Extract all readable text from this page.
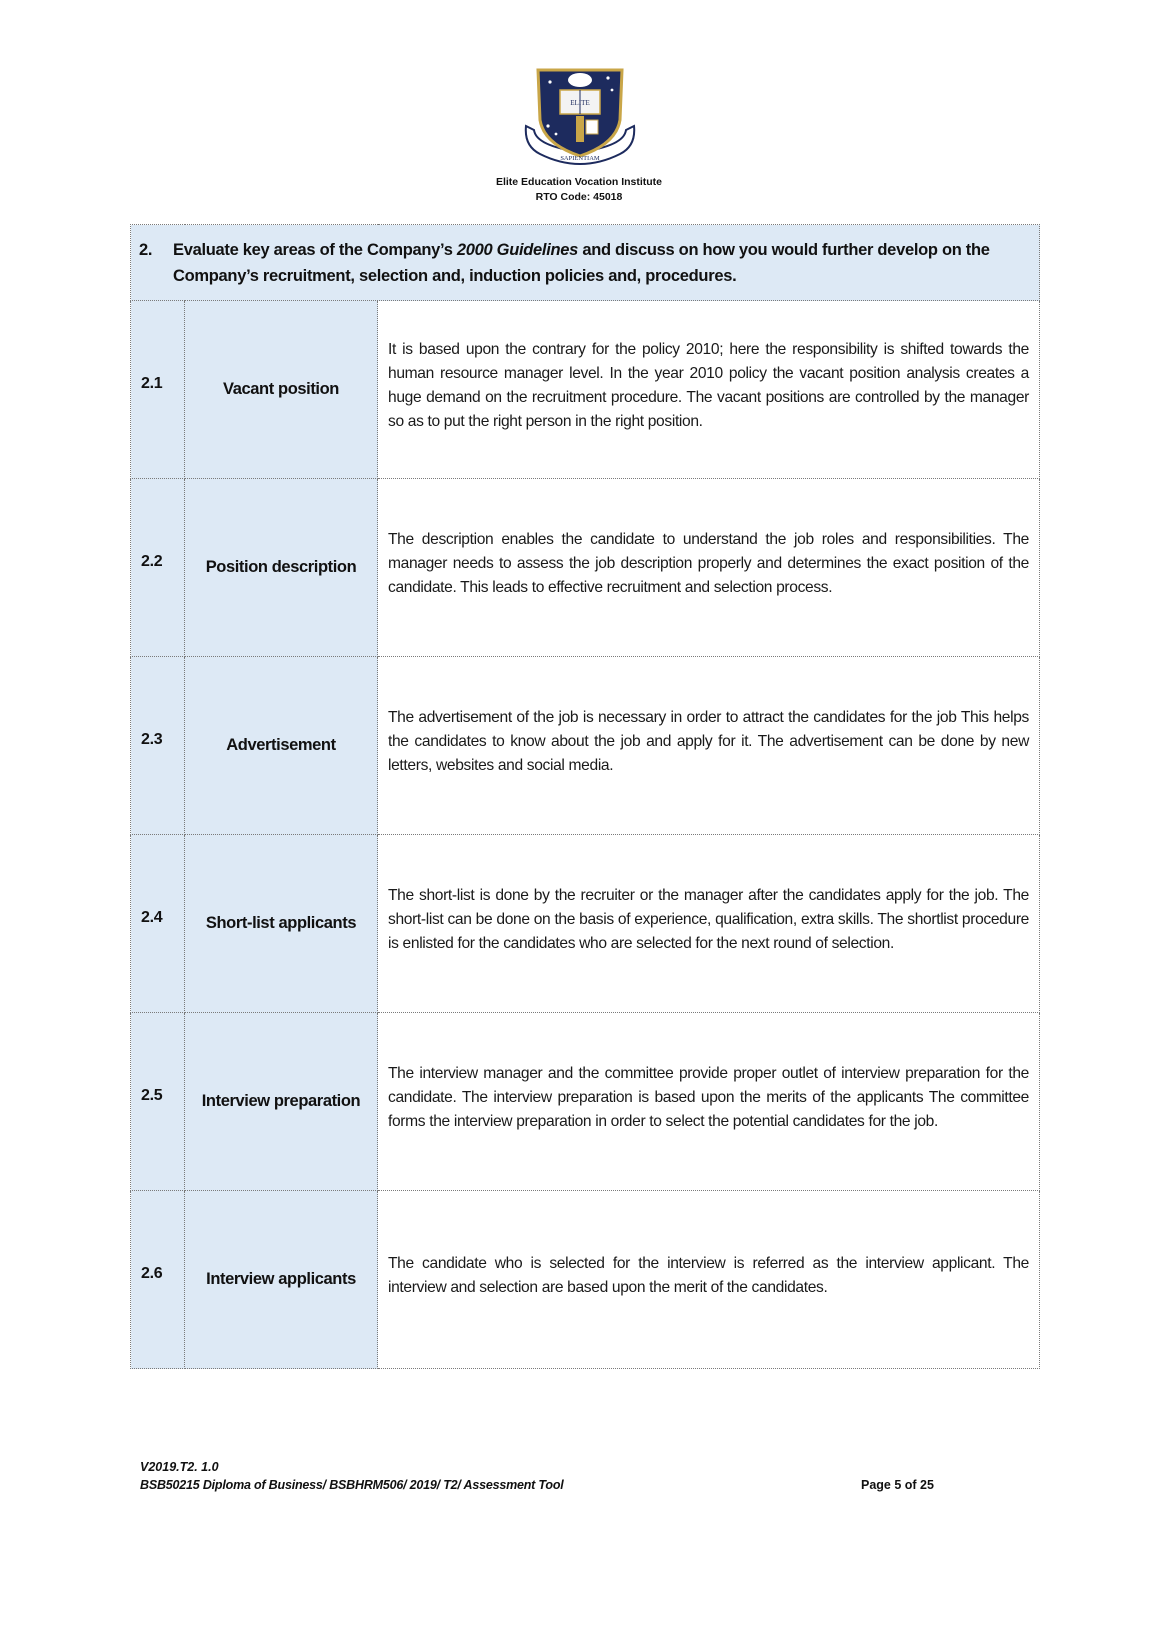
ELITE
SAPIENTIAM
Elite Education Vocation Institute
RTO Code: 45018
2. Evaluate key areas of the Company’s 2000 Guidelines and discuss on how you would further develop on the Company’s recruitment, selection and, induction policies and, procedures.		

2.1	Vacant position	It is based upon the contrary for the policy 2010; here the responsibility is shifted towards the human resource manager level. In the year 2010 policy the vacant position analysis creates a huge demand on the recruitment procedure. The vacant positions are controlled by the manager so as to put the right person in the right position.
2.2	Position description	The description enables the candidate to understand the job roles and responsibilities. The manager needs to assess the job description properly and determines the exact position of the candidate. This leads to effective recruitment and selection process.
2.3	Advertisement	The advertisement of the job is necessary in order to attract the candidates for the job This helps the candidates to know about the job and apply for it. The advertisement can be done by new letters, websites and social media.
2.4	Short-list applicants	The short-list is done by the recruiter or the manager after the candidates apply for the job. The short-list can be done on the basis of experience, qualification, extra skills. The shortlist procedure is enlisted for the candidates who are selected for the next round of selection.
2.5	Interview preparation	The interview manager and the committee provide proper outlet of interview preparation for the candidate. The interview preparation is based upon the merits of the applicants The committee forms the interview preparation in order to select the potential candidates for the job.
2.6	Interview applicants	The candidate who is selected for the interview is referred as the interview applicant. The interview and selection are based upon the merit of the candidates.
V2019.T2. 1.0
BSB50215 Diploma of Business/ BSBHRM506/ 2019/ T2/ Assessment Tool	Page 5 of 25
